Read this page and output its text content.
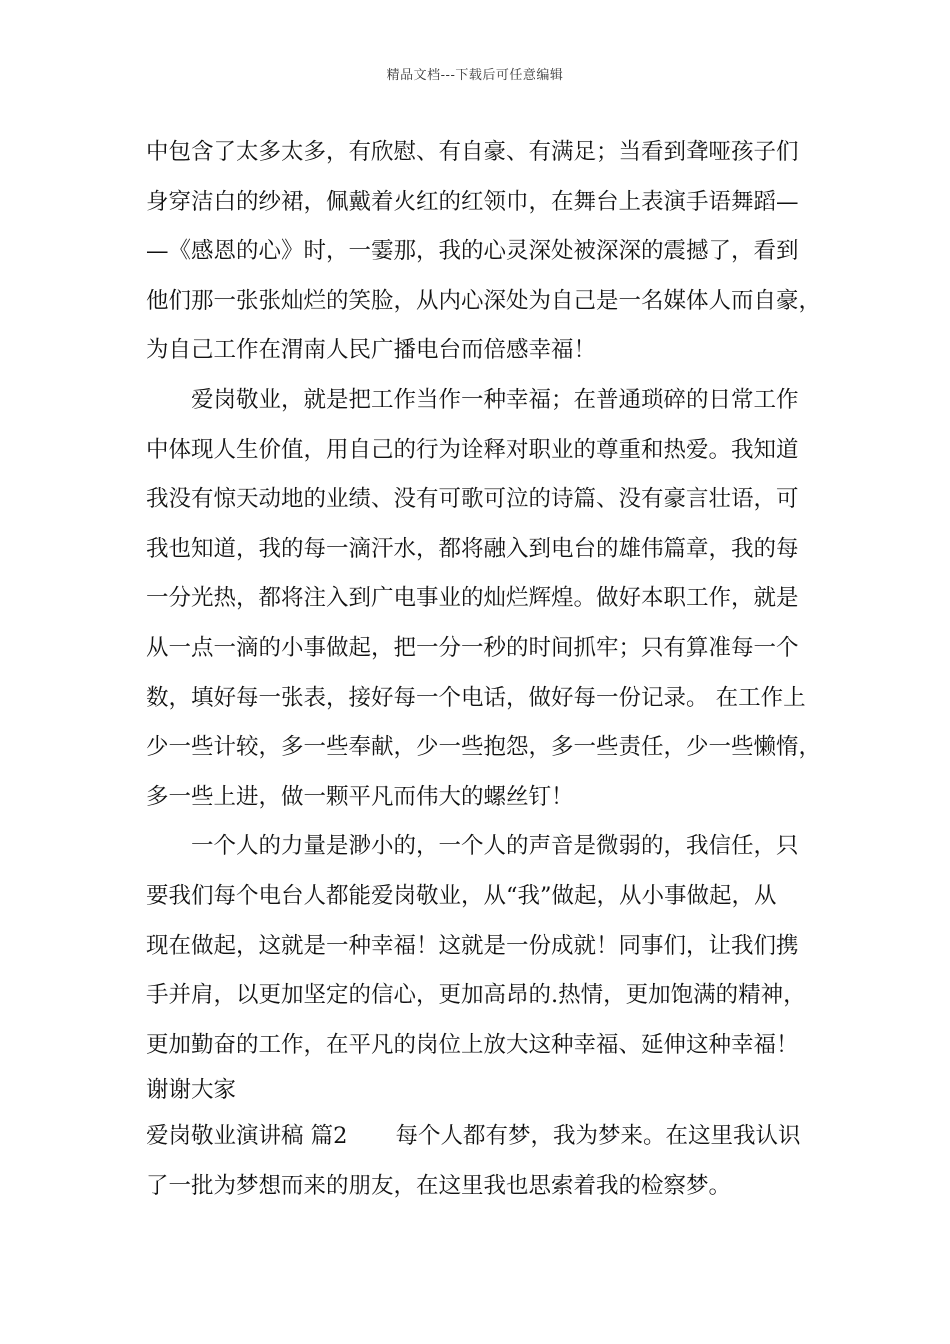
精品文档---下载后可任意编辑
中包含了太多太多，有欣慰、有自豪、有满足；当看到聋哑孩子们
身穿洁白的纱裙，佩戴着火红的红领巾，在舞台上表演手语舞蹈—
—《感恩的心》时，一霎那，我的心灵深处被深深的震撼了，看到
他们那一张张灿烂的笑脸，从内心深处为自己是一名媒体人而自豪，
为自己工作在渭南人民广播电台而倍感幸福！
　　爱岗敬业，就是把工作当作一种幸福；在普通琐碎的日常工作
中体现人生价值，用自己的行为诠释对职业的尊重和热爱。我知道
我没有惊天动地的业绩、没有可歌可泣的诗篇、没有豪言壮语，可
我也知道，我的每一滴汗水，都将融入到电台的雄伟篇章，我的每
一分光热，都将注入到广电事业的灿烂辉煌。做好本职工作，就是
从一点一滴的小事做起，把一分一秒的时间抓牢；只有算准每一个
数，填好每一张表，接好每一个电话，做好每一份记录。 在工作上
少一些计较，多一些奉献，少一些抱怨，多一些责任，少一些懒惰，
多一些上进，做一颗平凡而伟大的螺丝钉！
　　一个人的力量是渺小的，一个人的声音是微弱的，我信任，只
要我们每个电台人都能爱岗敬业，从“我”做起，从小事做起，从
现在做起，这就是一种幸福！这就是一份成就！同事们，让我们携
手并肩，以更加坚定的信心，更加高昂的.热情，更加饱满的精神，
更加勤奋的工作，在平凡的岗位上放大这种幸福、延伸这种幸福！
谢谢大家
爱岗敬业演讲稿 篇2 每个人都有梦，我为梦来。在这里我认识
了一批为梦想而来的朋友，在这里我也思索着我的检察梦。
